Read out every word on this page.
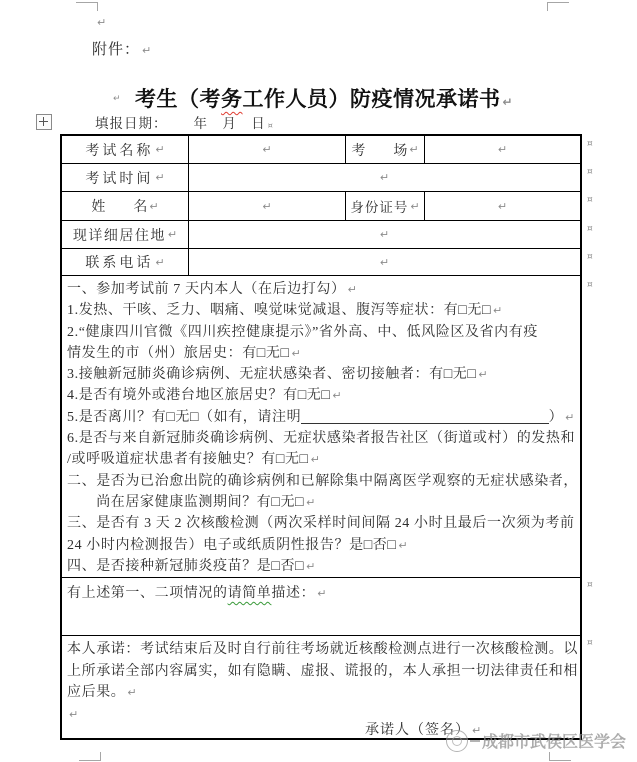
↵
附件： ↵

考生（考务工作人员）防疫情况承诺书 ↵

↵
填报日期： 年 月 日 ¤
考试名称 ↵	↵	考　　场 ↵	↵
考试时间 ↵	↵
姓　　名 ↵	↵	身份证号 ↵	↵
现详细居住地 ↵	↵
联系电话 ↵	↵
一、参加考试前 7 天内本人（在后边打勾） ↵
1.发热、干咳、乏力、咽痛、嗅觉味觉减退、腹泻等症状：有□无□ ↵
2.“健康四川官微《四川疾控健康提示》”省外高、中、低风险区及省内有疫
情发生的市（州）旅居史：有□无□ ↵
3.接触新冠肺炎确诊病例、无症状感染者、密切接触者：有□无□ ↵
4.是否有境外或港台地区旅居史？有□无□ ↵
5.是否离川？有□无□（如有，请注明	） ↵
6.是否与来自新冠肺炎确诊病例、无症状感染者报告社区（街道或村）的发热和
/或呼吸道症状患者有接触史？有□无□ ↵
二、是否为已治愈出院的确诊病例和已解除集中隔离医学观察的无症状感染者，
　　尚在居家健康监测期间？有□无□ ↵
三、是否有 3 天 2 次核酸检测（两次采样时间间隔 24 小时且最后一次须为考前
24 小时内检测报告）电子或纸质阴性报告？是□否□ ↵
四、是否接种新冠肺炎疫苗？是□否□ ↵
有上述第一、二项情况的 请简单 描述： ↵
本人承诺：考试结束后及时自行前往考场就近核酸检测点进行一次核酸检测。以
上所承诺全部内容属实，如有隐瞒、虚报、谎报的，本人承担一切法律责任和相
应后果。 ↵
↵
承诺人（签名） ↵
¤
¤
¤
¤
¤
¤
¤
¤
成都市武侯区医学会
